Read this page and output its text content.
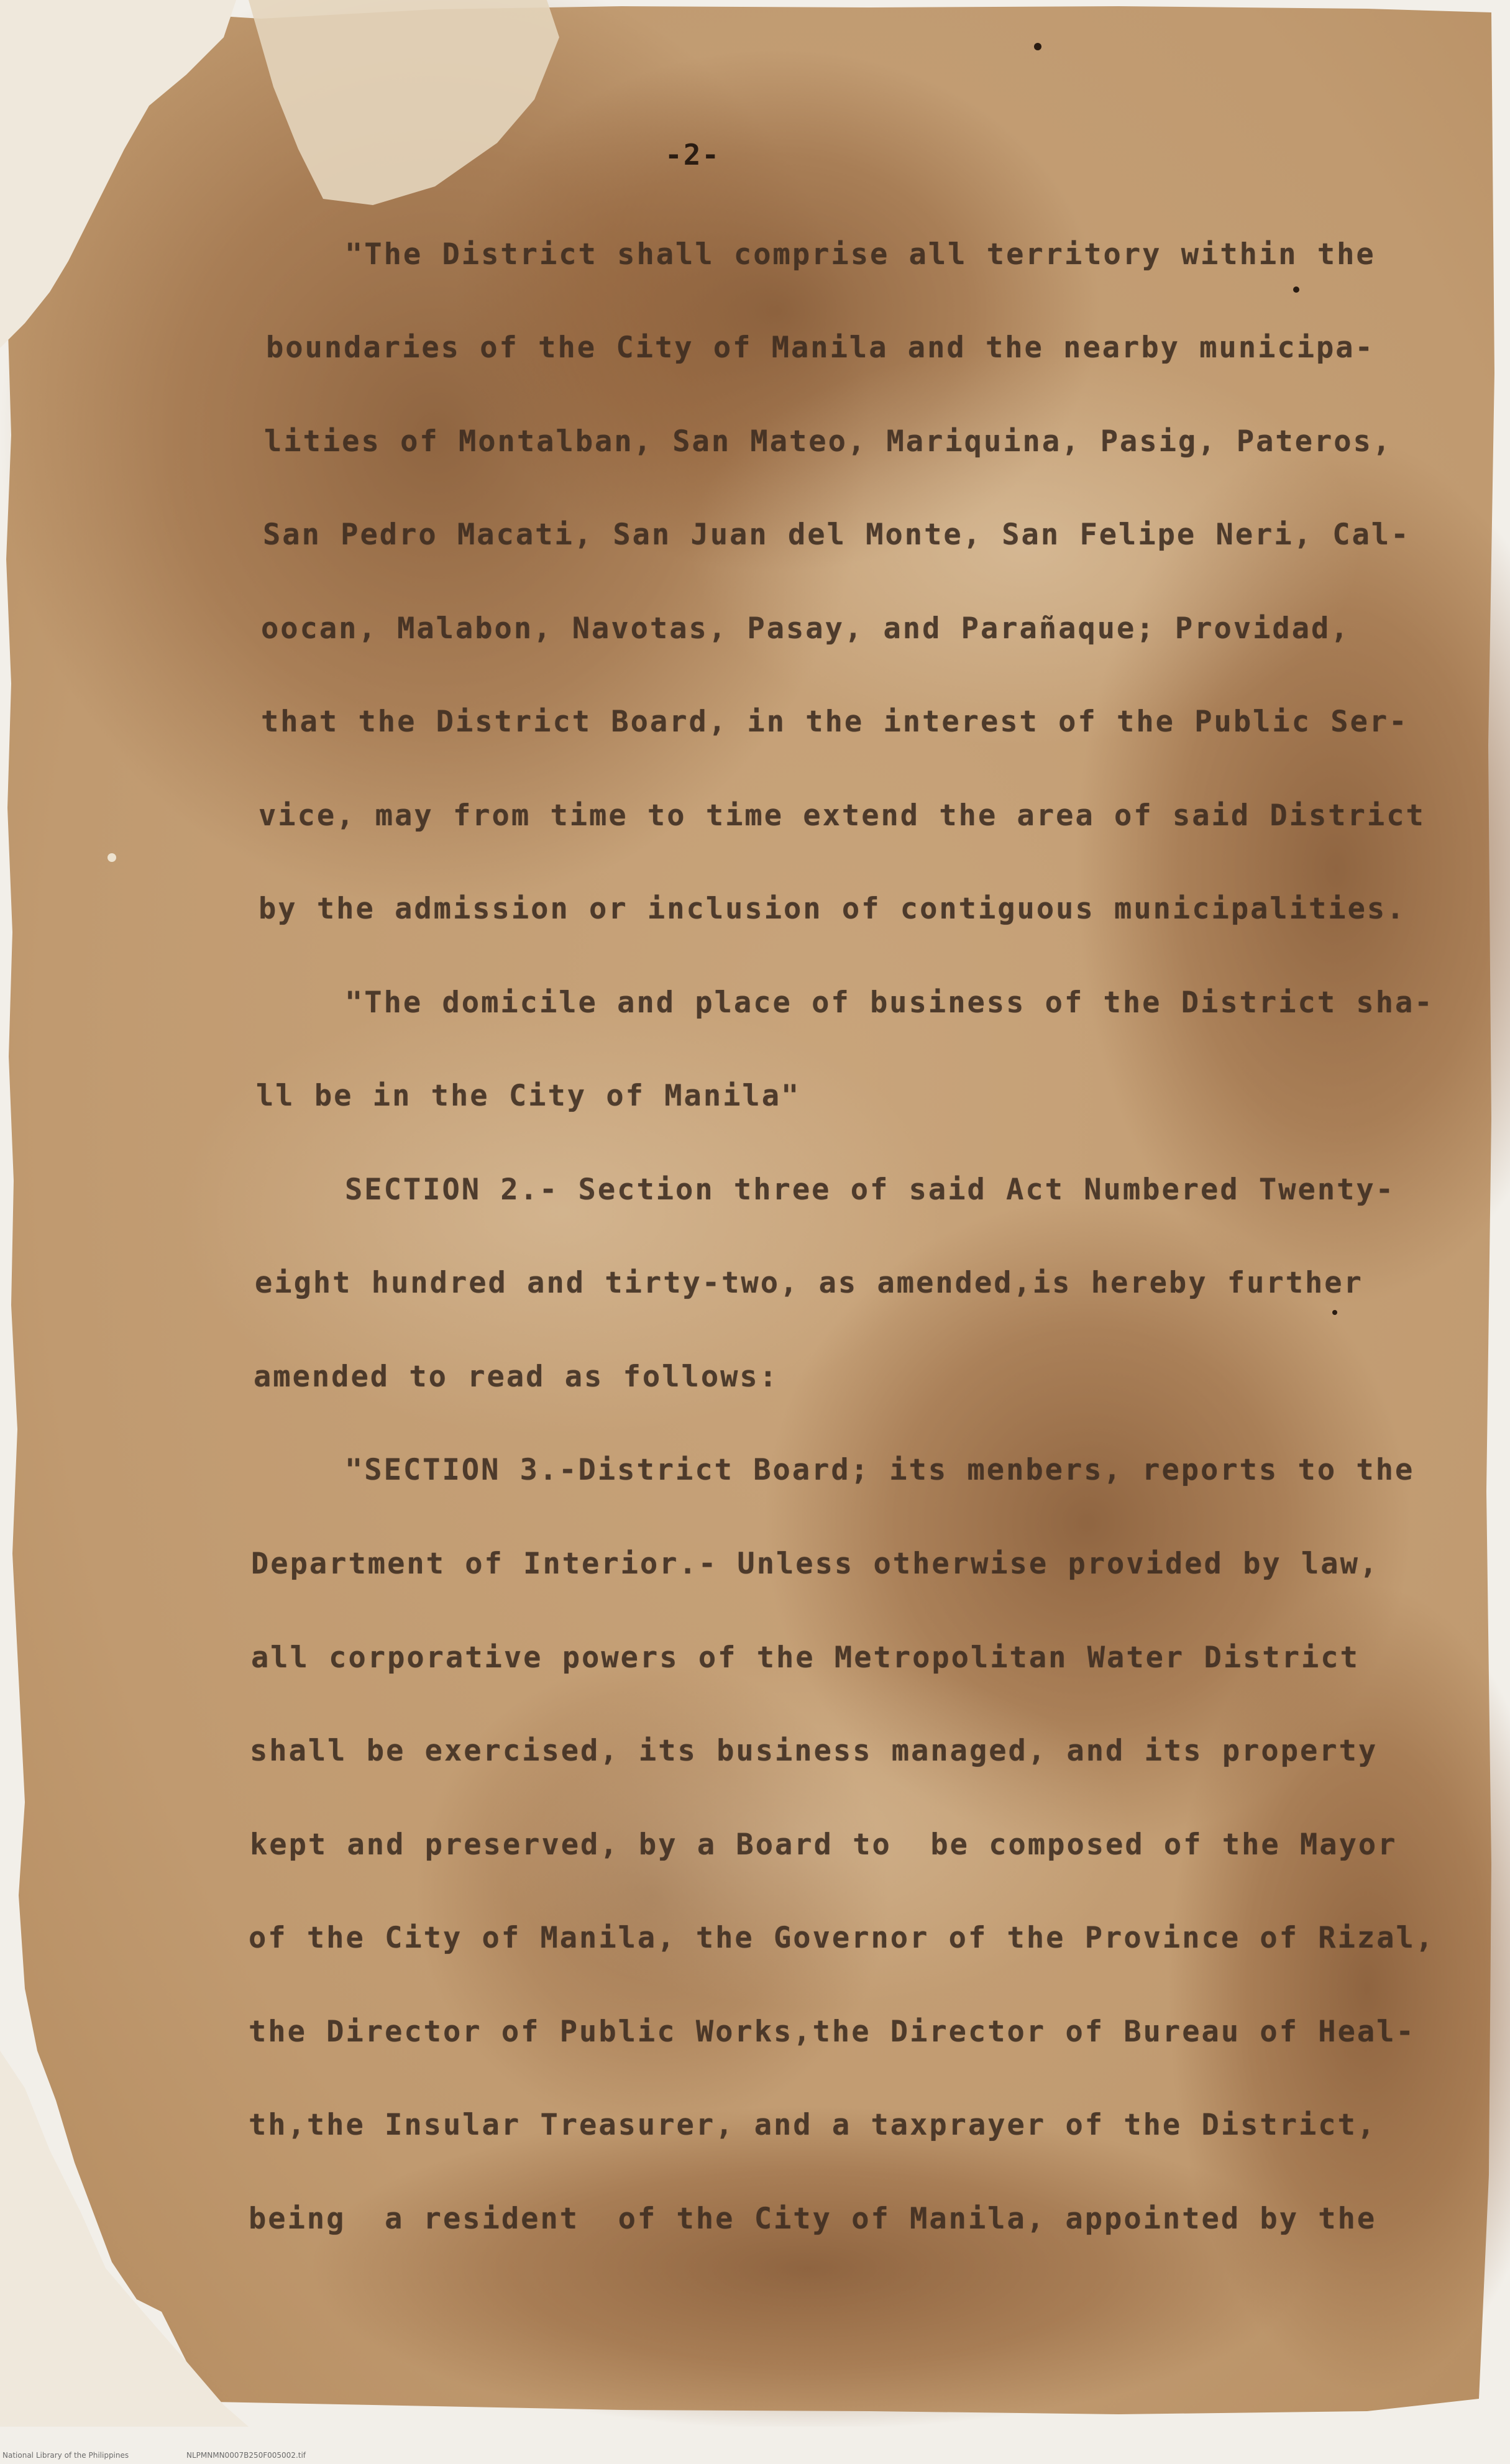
-2-
"The District shall comprise all territory within the
boundaries of the City of Manila and the nearby municipa-
lities of Montalban, San Mateo, Mariquina, Pasig, Pateros,
San Pedro Macati, San Juan del Monte, San Felipe Neri, Cal-
oocan, Malabon, Navotas, Pasay, and Parañaque; Providad,
that the District Board, in the interest of the Public Ser-
vice, may from time to time extend the area of said District
by the admission or inclusion of contiguous municipalities.
"The domicile and place of business of the District sha-
ll be in the City of Manila"
SECTION 2.- Section three of said Act Numbered Twenty-
eight hundred and tirty-two, as amended,is hereby further
amended to read as follows:
"SECTION 3.-District Board; its menbers, reports to the
Department of Interior.- Unless otherwise provided by law,
all corporative powers of the Metropolitan Water District
shall be exercised, its business managed, and its property
kept and preserved, by a Board to  be composed of the Mayor
of the City of Manila, the Governor of the Province of Rizal,
the Director of Public Works,the Director of Bureau of Heal-
th,the Insular Treasurer, and a taxprayer of the District,
being  a resident  of the City of Manila, appointed by the
National Library of the Philippines	NLPMNMN0007B250F005002.tif
